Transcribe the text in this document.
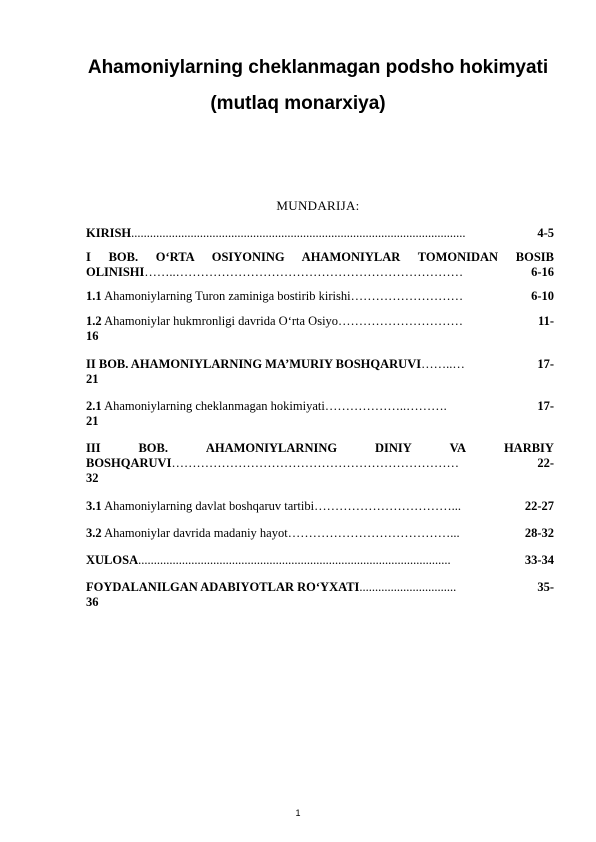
Ahamoniylarning cheklanmagan podsho hokimyati
(mutlaq monarxiya)
MUNDARIJA:
KIRISH...........................................................................................................	4-5
I BOB. O‘RTA OSIYONING AHAMONIYLAR TOMONIDAN BOSIB
OLINISHI……..……………………………………………………………	6-16
1.1 Ahamoniylarning Turon zaminiga bostirib kirishi………………………	6-10
1.2 Ahamoniylar hukmronligi davrida O‘rta Osiyo…………………………	11-
16
II BOB. AHAMONIYLARNING MA’MURIY BOSHQARUVI……..…	17-
21
2.1 Ahamoniylarning cheklanmagan hokimiyati………………..……….	17-
21
III	BOB.	AHAMONIYLARNING	DINIY	VA	HARBIY
BOSHQARUVI……………………………………………………………	22-
32
3.1 Ahamoniylarning davlat boshqaruv tartibi……………………………...	22-27
3.2 Ahamoniylar davrida madaniy hayot…………………………………...	28-32
XULOSA....................................................................................................	33-34
FOYDALANILGAN ADABIYOTLAR RO‘YXATI...............................	35-
36
1
